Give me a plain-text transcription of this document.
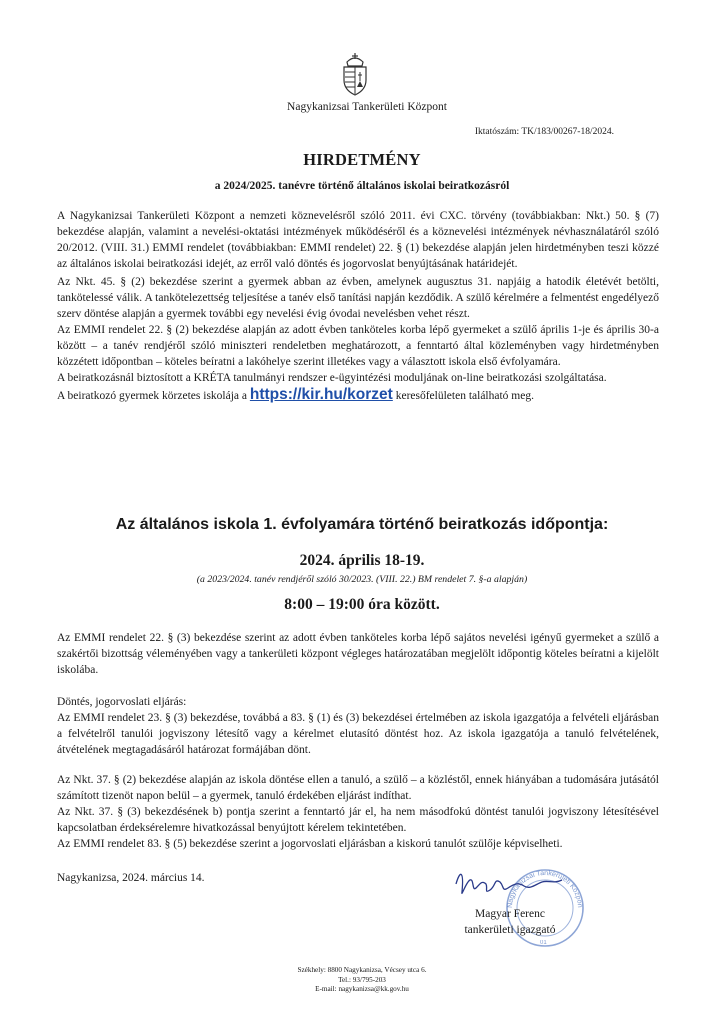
Nagykanizsai Tankerületi Központ
Iktatószám: TK/183/00267-18/2024.
HIRDETMÉNY
a 2024/2025. tanévre történő általános iskolai beiratkozásról

A Nagykanizsai Tankerületi Központ a nemzeti köznevelésről szóló 2011. évi CXC. törvény (továbbiakban: Nkt.) 50. § (7) bekezdése alapján, valamint a nevelési-oktatási intézmények működéséről és a köznevelési intézmények névhasználatáról szóló 20/2012. (VIII. 31.) EMMI rendelet (továbbiakban: EMMI rendelet) 22. § (1) bekezdése alapján jelen hirdetményben teszi közzé az általános iskolai beiratkozási idejét, az erről való döntés és jogorvoslat benyújtásának határidejét.

Az Nkt. 45. § (2) bekezdése szerint a gyermek abban az évben, amelynek augusztus 31. napjáig a hatodik életévét betölti, tankötelessé válik. A tankötelezettség teljesítése a tanév első tanítási napján kezdődik. A szülő kérelmére a felmentést engedélyező szerv döntése alapján a gyermek további egy nevelési évig óvodai nevelésben vehet részt.

Az EMMI rendelet 22. § (2) bekezdése alapján az adott évben tanköteles korba lépő gyermeket a szülő április 1-je és április 30-a között – a tanév rendjéről szóló miniszteri rendeletben meghatározott, a fenntartó által közleményben vagy hirdetményben közzétett időpontban – köteles beíratni a lakóhelye szerint illetékes vagy a választott iskola első évfolyamára.

A beiratkozásnál biztosított a KRÉTA tanulmányi rendszer e-ügyintézési moduljának on-line beiratkozási szolgáltatása.

A beiratkozó gyermek körzetes iskolája a https://kir.hu/korzet keresőfelületen található meg.

Az általános iskola 1. évfolyamára történő beiratkozás időpontja:
2024. április 18-19.
(a 2023/2024. tanév rendjéről szóló 30/2023. (VIII. 22.) BM rendelet 7. §-a alapján)
8:00 – 19:00 óra között.

Az EMMI rendelet 22. § (3) bekezdése szerint az adott évben tanköteles korba lépő sajátos nevelési igényű gyermeket a szülő a szakértői bizottság véleményében vagy a tankerületi központ végleges határozatában megjelölt időpontig köteles beíratni a kijelölt iskolába.

Döntés, jogorvoslati eljárás:

Az EMMI rendelet 23. § (3) bekezdése, továbbá a 83. § (1) és (3) bekezdései értelmében az iskola igazgatója a felvételi eljárásban a felvételről tanulói jogviszony létesítő vagy a kérelmet elutasító döntést hoz. Az iskola igazgatója a tanuló felvételének, átvételének megtagadásáról határozat formájában dönt.

Az Nkt. 37. § (2) bekezdése alapján az iskola döntése ellen a tanuló, a szülő – a közléstől, ennek hiányában a tudomására jutásától számított tizenöt napon belül – a gyermek, tanuló érdekében eljárást indíthat.

Az Nkt. 37. § (3) bekezdésének b) pontja szerint a fenntartó jár el, ha nem másodfokú döntést tanulói jogviszony létesítésével kapcsolatban érdeksérelemre hivatkozással benyújtott kérelem tekintetében.

Az EMMI rendelet 83. § (5) bekezdése szerint a jogorvoslati eljárásban a kiskorú tanulót szülője képviselheti.

Nagykanizsa, 2024. március 14.
Nagykanizsai Tankerületi Közpon
01
Magyar Ferenc
tankerületi igazgató
Székhely: 8800 Nagykanizsa, Vécsey utca 6.
Tel.: 93/795-203
E-mail: nagykanizsa@kk.gov.hu
